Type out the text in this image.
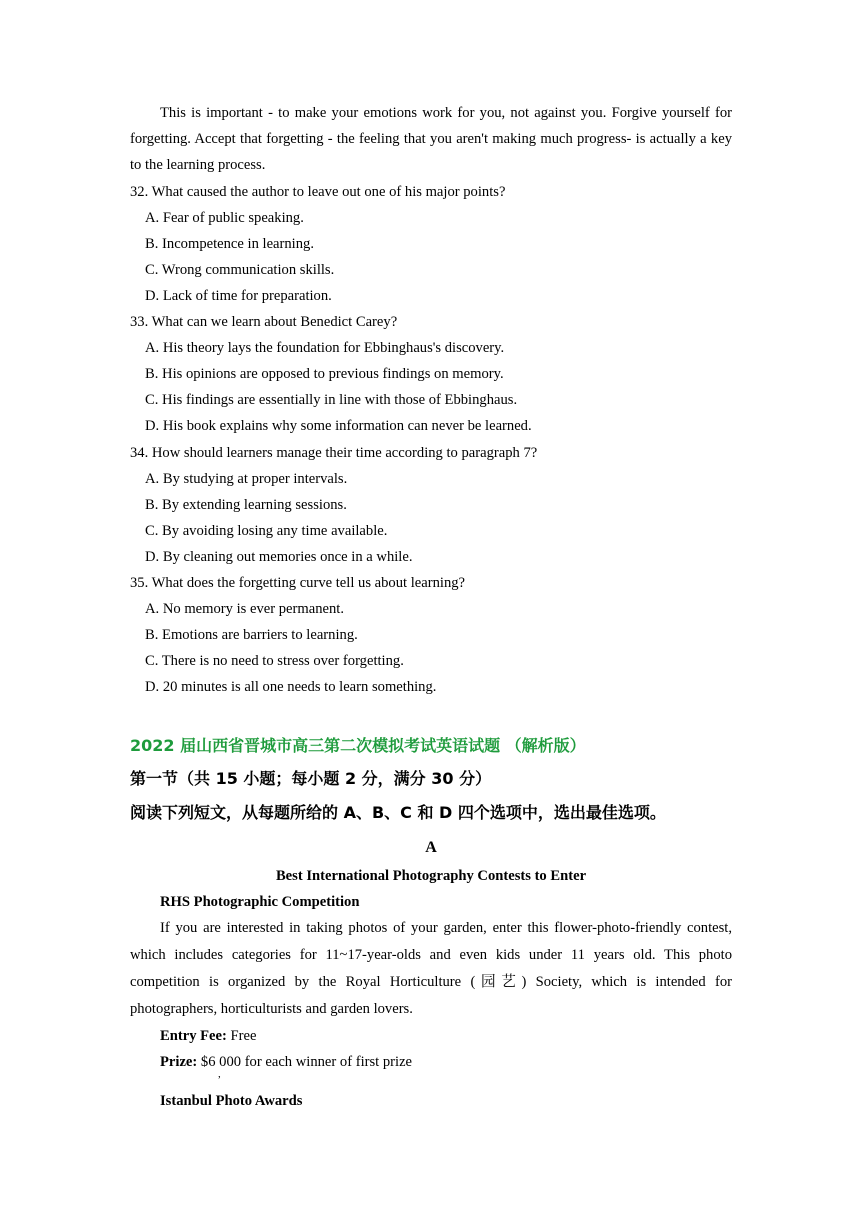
This is important - to make your emotions work for you, not against you. Forgive yourself for forgetting. Accept that forgetting - the feeling that you aren't making much progress- is actually a key to the learning process.
32. What caused the author to leave out one of his major points?
A. Fear of public speaking.
B. Incompetence in learning.
C. Wrong communication skills.
D. Lack of time for preparation.
33. What can we learn about Benedict Carey?
A. His theory lays the foundation for Ebbinghaus's discovery.
B. His opinions are opposed to previous findings on memory.
C. His findings are essentially in line with those of Ebbinghaus.
D. His book explains why some information can never be learned.
34. How should learners manage their time according to paragraph 7?
A. By studying at proper intervals.
B. By extending learning sessions.
C. By avoiding losing any time available.
D. By cleaning out memories once in a while.
35. What does the forgetting curve tell us about learning?
A. No memory is ever permanent.
B. Emotions are barriers to learning.
C. There is no need to stress over forgetting.
D. 20 minutes is all one needs to learn something.
2022 届山西省晋城市高三第二次模拟考试英语试题 （解析版）
第一节（共 15 小题；每小题 2 分，满分 30 分）
阅读下列短文，从每题所给的 A、B、C 和 D 四个选项中，选出最佳选项。
A
Best International Photography Contests to Enter
RHS Photographic Competition
If you are interested in taking photos of your garden, enter this flower-photo-friendly contest, which includes categories for 11~17-year-olds and even kids under 11 years old. This photo competition is organized by the Royal Horticulture (园艺) Society, which is intended for photographers, horticulturists and garden lovers.
Entry Fee: Free
Prize: $6 000 for each winner of first prize
,
Istanbul Photo Awards
